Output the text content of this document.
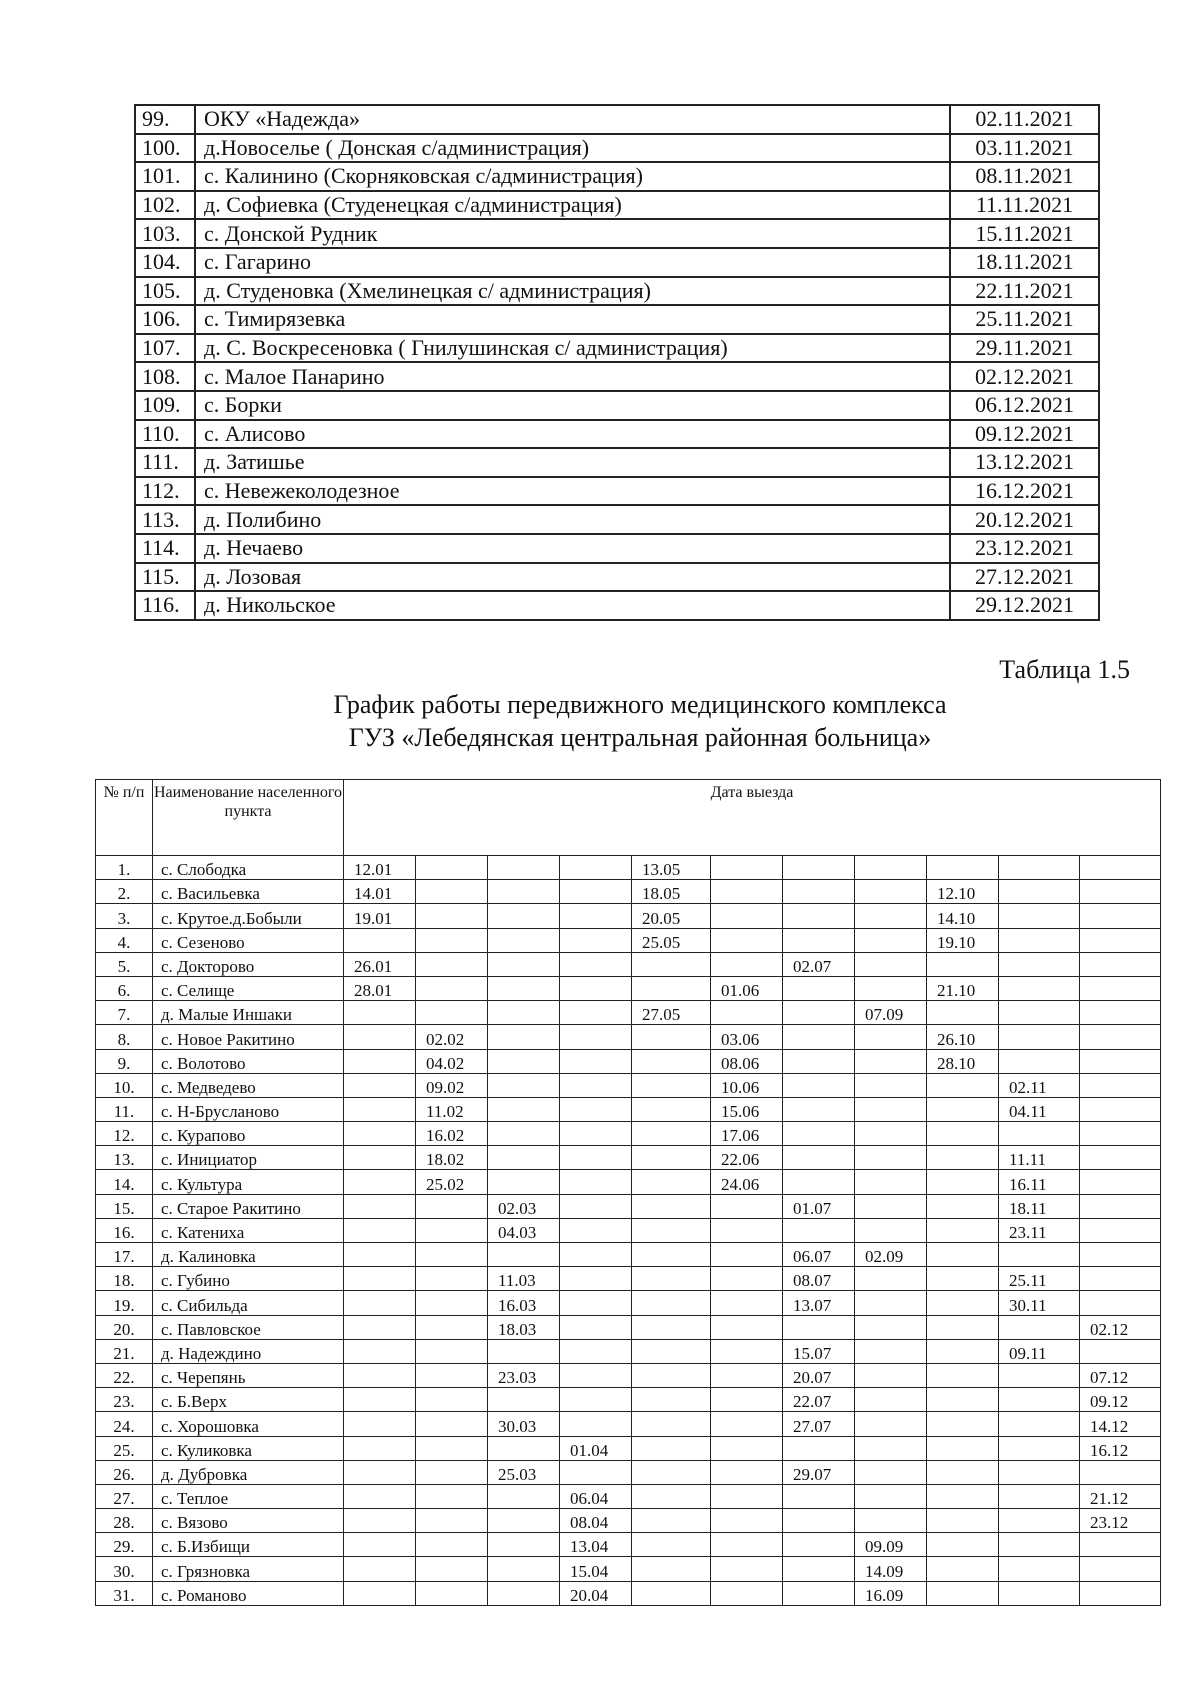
99.	ОКУ «Надежда»	02.11.2021
100.	д.Новоселье ( Донская с/администрация)	03.11.2021
101.	с. Калинино (Скорняковская с/администрация)	08.11.2021
102.	д. Софиевка (Студенецкая с/администрация)	11.11.2021
103.	с. Донской Рудник	15.11.2021
104.	с. Гагарино	18.11.2021
105.	д. Студеновка (Хмелинецкая с/ администрация)	22.11.2021
106.	с. Тимирязевка	25.11.2021
107.	д. С. Воскресеновка ( Гнилушинская с/ администрация)	29.11.2021
108.	с. Малое Панарино	02.12.2021
109.	с. Борки	06.12.2021
110.	с. Алисово	09.12.2021
111.	д. Затишье	13.12.2021
112.	с. Невежеколодезное	16.12.2021
113.	д. Полибино	20.12.2021
114.	д. Нечаево	23.12.2021
115.	д. Лозовая	27.12.2021
116.	д. Никольское	29.12.2021
Таблица 1.5
График работы передвижного медицинского комплекса
ГУЗ «Лебедянская центральная районная больница»
№ п/п	Наименование населенного пункта	Дата выезда										
1.	с. Слободка	12.01				13.05						
2.	с. Васильевка	14.01				18.05				12.10		
3.	с. Крутое.д.Бобыли	19.01				20.05				14.10		
4.	с. Сезеново					25.05				19.10		
5.	с. Докторово	26.01						02.07				
6.	с. Селище	28.01					01.06			21.10		
7.	д. Малые Иншаки					27.05			07.09			
8.	с. Новое Ракитино		02.02				03.06			26.10		
9.	с. Волотово		04.02				08.06			28.10		
10.	с. Медведево		09.02				10.06				02.11	
11.	с. Н-Брусланово		11.02				15.06				04.11	
12.	с. Курапово		16.02				17.06					
13.	с. Инициатор		18.02				22.06				11.11	
14.	с. Культура		25.02				24.06				16.11	
15.	с. Старое Ракитино			02.03				01.07			18.11	
16.	с. Катениха			04.03							23.11	
17.	д. Калиновка							06.07	02.09			
18.	с. Губино			11.03				08.07			25.11	
19.	с. Сибильда			16.03				13.07			30.11	
20.	с. Павловское			18.03								02.12
21.	д. Надеждино							15.07			09.11	
22.	с. Черепянь			23.03				20.07				07.12
23.	с. Б.Верх							22.07				09.12
24.	с. Хорошовка			30.03				27.07				14.12
25.	с. Куликовка				01.04							16.12
26.	д. Дубровка			25.03				29.07				
27.	с. Теплое				06.04							21.12
28.	с. Вязово				08.04							23.12
29.	с. Б.Избищи				13.04				09.09			
30.	с. Грязновка				15.04				14.09			
31.	с. Романово				20.04				16.09			
